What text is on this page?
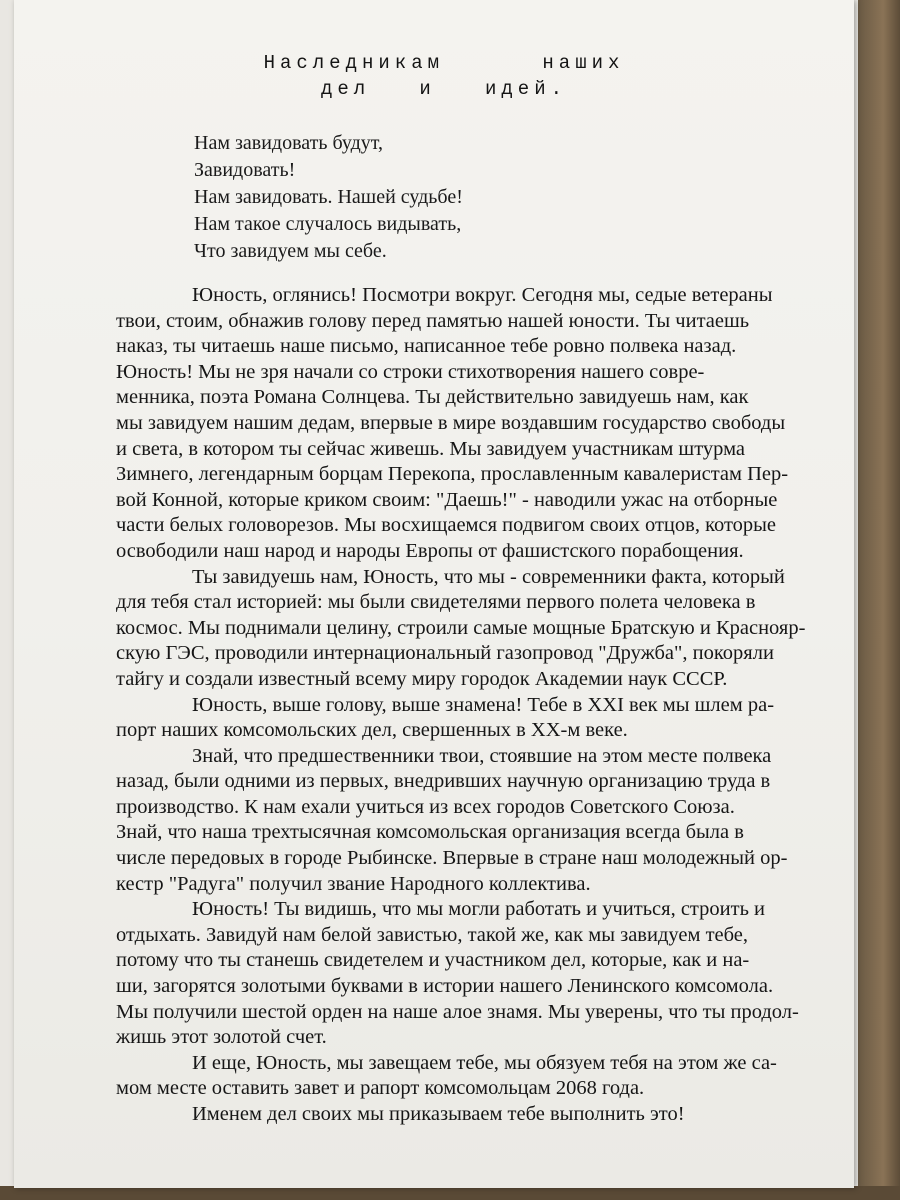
Наследникам      наших
дел   и   идей.
Нам завидовать будут,
Завидовать!
Нам завидовать. Нашей судьбе!
Нам такое случалось видывать,
Что завидуем мы себе.
Юность, оглянись! Посмотри вокруг. Сегодня мы, седые ветераны
твои, стоим, обнажив голову перед памятью нашей юности. Ты читаешь
наказ, ты читаешь наше письмо, написанное тебе ровно полвека назад.
Юность! Мы не зря начали со строки стихотворения нашего совре-
менника, поэта Романа Солнцева. Ты действительно завидуешь нам, как
мы завидуем нашим дедам, впервые в мире воздавшим государство свободы
и света, в котором ты сейчас живешь. Мы завидуем участникам штурма
Зимнего, легендарным борцам Перекопа, прославленным кавалеристам Пер-
вой Конной, которые криком своим: "Даешь!" - наводили ужас на отборные
части белых головорезов. Мы восхищаемся подвигом своих отцов, которые
освободили наш народ и народы Европы от фашистского порабощения.
Ты завидуешь нам, Юность, что мы - современники факта, который
для тебя стал историей: мы были свидетелями первого полета человека в
космос. Мы поднимали целину, строили самые мощные Братскую и Краснояр-
скую ГЭС, проводили интернациональный газопровод "Дружба", покоряли
тайгу и создали известный всему миру городок Академии наук СССР.
Юность, выше голову, выше знамена! Тебе в XXI век мы шлем ра-
порт наших комсомольских дел, свершенных в XX-м веке.
Знай, что предшественники твои, стоявшие на этом месте полвека
назад, были одними из первых, внедривших научную организацию труда в
производство. К нам ехали учиться из всех городов Советского Союза.
Знай, что наша трехтысячная комсомольская организация всегда была в
числе передовых в городе Рыбинске. Впервые в стране наш молодежный ор-
кестр "Радуга" получил звание Народного коллектива.
Юность! Ты видишь, что мы могли работать и учиться, строить и
отдыхать. Завидуй нам белой завистью, такой же, как мы завидуем тебе,
потому что ты станешь свидетелем и участником дел, которые, как и на-
ши, загорятся золотыми буквами в истории нашего Ленинского комсомола.
Мы получили шестой орден на наше алое знамя. Мы уверены, что ты продол-
жишь этот золотой счет.
И еще, Юность, мы завещаем тебе, мы обязуем тебя на этом же са-
мом месте оставить завет и рапорт комсомольцам 2068 года.
Именем дел своих мы приказываем тебе выполнить это!
